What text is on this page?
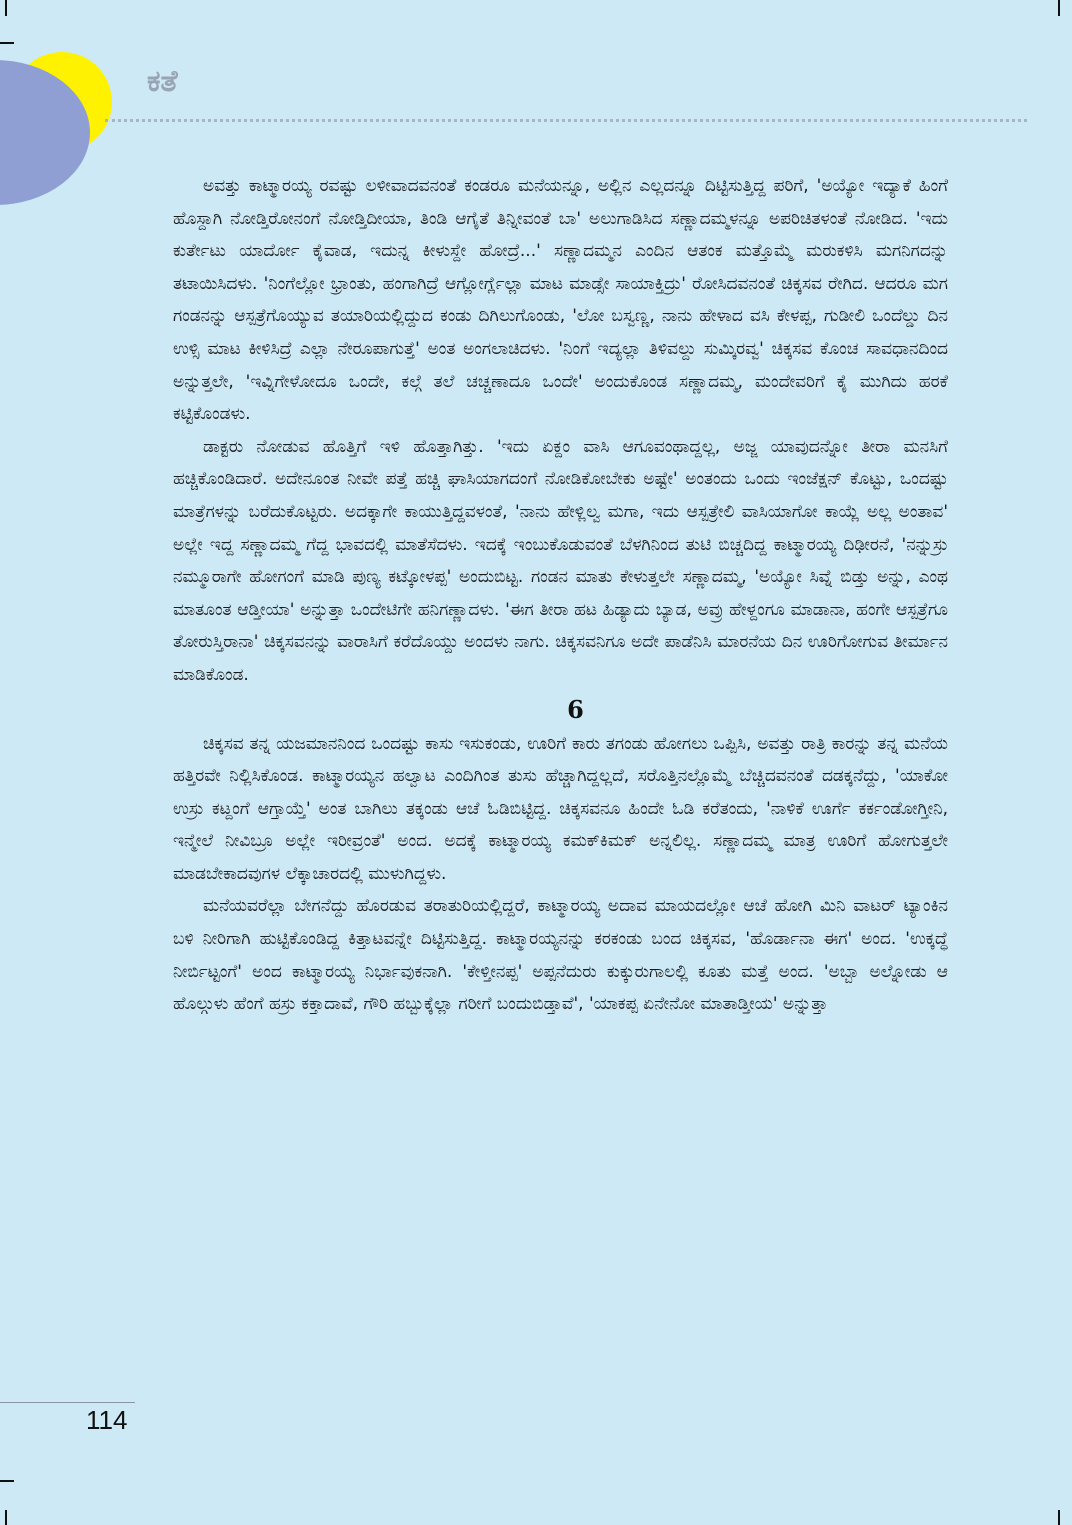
ಕತೆ

ಅವತ್ತು ಕಾಟ್ಮಾರಯ್ಯ ರವಷ್ಟು ಲಳೀವಾದವನಂತೆ ಕಂಡರೂ ಮನೆಯನ್ನೂ, ಅಲ್ಲಿನ ಎಲ್ಲದನ್ನೂ ದಿಟ್ಟಿಸುತ್ತಿದ್ದ ಪರಿಗೆ, 'ಅಯ್ಯೋ ಇದ್ಯಾಕೆ ಹಿಂಗೆ ಹೊಸ್ದಾಗಿ ನೋಡ್ತಿರೋನಂಗೆ ನೋಡ್ತಿದೀಯಾ, ತಿಂಡಿ ಆಗೈತೆ ತಿನ್ನೀವಂತೆ ಬಾ' ಅಲುಗಾಡಿಸಿದ ಸಣ್ಣಾದಮ್ಮಳನ್ನೂ ಅಪರಿಚಿತಳಂತೆ ನೋಡಿದ. 'ಇದು ಕುರ್ತೇಟು ಯಾರ್ದೋ ಕೈವಾಡ, ಇದುನ್ನ ಕೀಳುಸ್ದೇ ಹೋದ್ರೆ...' ಸಣ್ಣಾದಮ್ಮನ ಎಂದಿನ ಆತಂಕ ಮತ್ತೊಮ್ಮೆ ಮರುಕಳಿಸಿ ಮಗನಿಗದನ್ನು ತಟಾಯಿಸಿದಳು. 'ನಿಂಗೆಲ್ಲೋ ಭ್ರಾಂತು, ಹಂಗಾಗಿದ್ರೆ ಆಗ್ಲೋರ್ಗ್ಲೆಲ್ಲಾ ಮಾಟ ಮಾಡ್ಸೇ ಸಾಯಾಕ್ತಿದ್ರು' ರೋಸಿದವನಂತೆ ಚಿಕ್ಕಸವ ರೇಗಿದ. ಆದರೂ ಮಗ ಗಂಡನನ್ನು ಆಸ್ಪತ್ರೆಗೊಯ್ಯುವ ತಯಾರಿಯಲ್ಲಿದ್ದುದ ಕಂಡು ದಿಗಿಲುಗೊಂಡು, 'ಲೋ ಬಸ್ವಣ್ಣ, ನಾನು ಹೇಳಾದ ವಸಿ ಕೇಳಪ್ಪ, ಗುಡೀಲಿ ಒಂದೆಲ್ಡು ದಿನ ಉಳ್ಸಿ ಮಾಟ ಕೀಳಿಸಿದ್ರೆ ಎಲ್ಲಾ ನೇರೂಪಾಗುತ್ತೆ' ಅಂತ ಅಂಗಲಾಚಿದಳು. 'ನಿಂಗೆ ಇದ್ಯಲ್ಲಾ ತಿಳಿವಲ್ದು ಸುಮ್ಕಿರವ್ವ' ಚಿಕ್ಕಸವ ಕೊಂಚ ಸಾವಧಾನದಿಂದ ಅನ್ನುತ್ತಲೇ, 'ಇವ್ನಿಗೇಳೋದೂ ಒಂದೇ, ಕಲ್ಗೆ ತಲೆ ಚಚ್ಚಣಾದೂ ಒಂದೇ' ಅಂದುಕೊಂಡ ಸಣ್ಣಾದಮ್ಮ, ಮಂದೇವರಿಗೆ ಕೈ ಮುಗಿದು ಹರಕೆ ಕಟ್ಟಿಕೊಂಡಳು.

ಡಾಕ್ಟರು ನೋಡುವ ಹೊತ್ತಿಗೆ ಇಳಿ ಹೊತ್ತಾಗಿತ್ತು. 'ಇದು ಏಕ್ದಂ ವಾಸಿ ಆಗೂವಂಥಾದ್ದಲ್ಲ, ಅಜ್ಜ ಯಾವುದನ್ನೋ ತೀರಾ ಮನಸಿಗೆ ಹಚ್ಚಿಕೊಂಡಿದಾರೆ. ಅದೇನೂಂತ ನೀವೇ ಪತ್ತೆ ಹಚ್ಚಿ ಘಾಸಿಯಾಗದಂಗೆ ನೋಡಿಕೋಬೇಕು ಅಷ್ಟೇ' ಅಂತಂದು ಒಂದು ಇಂಜೆಕ್ಷನ್ ಕೊಟ್ಟು, ಒಂದಷ್ಟು ಮಾತ್ರೆಗಳನ್ನು ಬರೆದುಕೊಟ್ಟರು. ಅದಕ್ಕಾಗೇ ಕಾಯುತ್ತಿದ್ದವಳಂತೆ, 'ನಾನು ಹೇಳ್ಲಿಲ್ವ ಮಗಾ, ಇದು ಆಸ್ಪತ್ರೇಲಿ ವಾಸಿಯಾಗೋ ಕಾಯ್ಲೆ ಅಲ್ಲ ಅಂತಾವ' ಅಲ್ಲೇ ಇದ್ದ ಸಣ್ಣಾದಮ್ಮ ಗೆದ್ದ ಭಾವದಲ್ಲಿ ಮಾತೆಸೆದಳು. ಇದಕ್ಕೆ ಇಂಬುಕೊಡುವಂತೆ ಬೆಳಗಿನಿಂದ ತುಟಿ ಬಿಚ್ಚದಿದ್ದ ಕಾಟ್ಮಾರಯ್ಯ ದಿಢೀರನೆ, 'ನನ್ನುಸ್ರು ನಮ್ಮೂರಾಗೇ ಹೋಗಂಗೆ ಮಾಡಿ ಪುಣ್ಯ ಕಟ್ಕೋಳಪ್ಪ' ಅಂದುಬಿಟ್ಟ. ಗಂಡನ ಮಾತು ಕೇಳುತ್ತಲೇ ಸಣ್ಣಾದಮ್ಮ, 'ಅಯ್ಯೋ ಸಿವ್ನೆ ಬಿಡ್ತು ಅನ್ನು, ಎಂಥ ಮಾತೂಂತ ಆಡ್ತೀಯಾ' ಅನ್ನುತ್ತಾ ಒಂದೇಟಿಗೇ ಹನಿಗಣ್ಣಾದಳು. 'ಈಗ ತೀರಾ ಹಟ ಹಿಡ್ಯಾದು ಬ್ಯಾಡ, ಅವ್ರು ಹೇಳ್ದಂಗೂ ಮಾಡಾನಾ, ಹಂಗೇ ಆಸ್ಪತ್ರೆಗೂ ತೋರುಸ್ತಿರಾನಾ' ಚಿಕ್ಕಸವನನ್ನು ವಾರಾಸಿಗೆ ಕರೆದೊಯ್ದು ಅಂದಳು ನಾಗು. ಚಿಕ್ಕಸವನಿಗೂ ಅದೇ ಪಾಡೆನಿಸಿ ಮಾರನೆಯ ದಿನ ಊರಿಗೋಗುವ ತೀರ್ಮಾನ ಮಾಡಿಕೊಂಡ.

6

ಚಿಕ್ಕಸವ ತನ್ನ ಯಜಮಾನನಿಂದ ಒಂದಷ್ಟು ಕಾಸು ಇಸುಕಂಡು, ಊರಿಗೆ ಕಾರು ತಗಂಡು ಹೋಗಲು ಒಪ್ಪಿಸಿ, ಅವತ್ತು ರಾತ್ರಿ ಕಾರನ್ನು ತನ್ನ ಮನೆಯ ಹತ್ತಿರವೇ ನಿಲ್ಲಿಸಿಕೊಂಡ. ಕಾಟ್ಮಾರಯ್ಯನ ಹಲ್ವಾಟ ಎಂದಿಗಿಂತ ತುಸು ಹೆಚ್ಚಾಗಿದ್ದಲ್ಲದೆ, ಸರೊತ್ತಿನಲ್ಲೊಮ್ಮೆ ಬೆಚ್ಚಿದವನಂತೆ ದಡಕ್ಕನೆದ್ದು, 'ಯಾಕೋ ಉಸ್ರು ಕಟ್ದಂಗೆ ಆಗ್ತಾಯ್ತೆ' ಅಂತ ಬಾಗಿಲು ತಕ್ಕಂಡು ಆಚೆ ಓಡಿಬಿಟ್ಟಿದ್ದ. ಚಿಕ್ಕಸವನೂ ಹಿಂದೇ ಓಡಿ ಕರೆತಂದು, 'ನಾಳಿಕೆ ಊರ್ಗೆ ಕರ್ಕಂಡೋಗ್ತೀನಿ, ಇನ್ಮೇಲೆ ನೀವಿಬ್ರೂ ಅಲ್ಲೇ ಇರೀವ್ರಂತೆ' ಅಂದ. ಅದಕ್ಕೆ ಕಾಟ್ಮಾರಯ್ಯ ಕಮಕ್‌ಕಿಮಕ್ ಅನ್ನಲಿಲ್ಲ. ಸಣ್ಣಾದಮ್ಮ ಮಾತ್ರ ಊರಿಗೆ ಹೋಗುತ್ತಲೇ ಮಾಡಬೇಕಾದವುಗಳ ಲೆಕ್ಕಾಚಾರದಲ್ಲಿ ಮುಳುಗಿದ್ದಳು.

ಮನೆಯವರೆಲ್ಲಾ ಬೇಗನೆದ್ದು ಹೊರಡುವ ತರಾತುರಿಯಲ್ಲಿದ್ದರೆ, ಕಾಟ್ಮಾರಯ್ಯ ಅದಾವ ಮಾಯದಲ್ಲೋ ಆಚೆ ಹೋಗಿ ಮಿನಿ ವಾಟರ್ ಟ್ಯಾಂಕಿನ ಬಳಿ ನೀರಿಗಾಗಿ ಹುಟ್ಟಿಕೊಂಡಿದ್ದ ಕಿತ್ತಾಟವನ್ನೇ ದಿಟ್ಟಿಸುತ್ತಿದ್ದ. ಕಾಟ್ಮಾರಯ್ಯನನ್ನು ಕರಕಂಡು ಬಂದ ಚಿಕ್ಕಸವ, 'ಹೊರ್ಡಾನಾ ಈಗ' ಅಂದ. 'ಉಕ್ಕದ್ಧೆ ನೀರ್ಬಿಟ್ಟಂಗೆ' ಅಂದ ಕಾಟ್ಮಾರಯ್ಯ ನಿರ್ಭಾವುಕನಾಗಿ. 'ಕೇಳ್ತೀನಪ್ಪ' ಅಪ್ಪನೆದುರು ಕುಕ್ಕುರುಗಾಲಲ್ಲಿ ಕೂತು ಮತ್ತೆ ಅಂದ. 'ಅಬ್ಬಾ ಅಲ್ನೋಡು ಆ ಹೊಲ್ಗುಳು ಹೆಂಗೆ ಹಸ್ರು ಕಕ್ತಾದಾವೆ, ಗೌರಿ ಹಬ್ಬುಕ್ಕೆಲ್ಲಾ ಗರೀಗೆ ಬಂದುಬಿಡ್ತಾವೆ', 'ಯಾಕಪ್ಪ ಏನೇನೋ ಮಾತಾಡ್ತೀಯ' ಅನ್ನುತ್ತಾ

114
